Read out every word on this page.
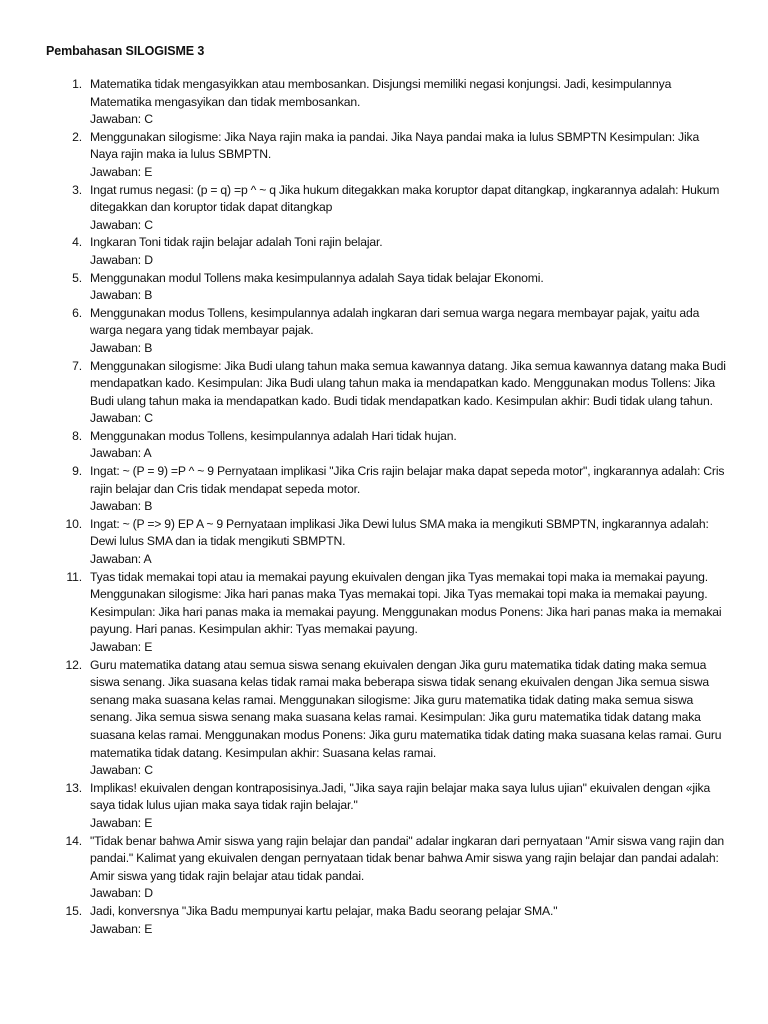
Pembahasan SILOGISME 3
1. Matematika tidak mengasyikkan atau membosankan. Disjungsi memiliki negasi konjungsi. Jadi, kesimpulannya Matematika mengasyikan dan tidak membosankan.
Jawaban: C
2. Menggunakan silogisme: Jika Naya rajin maka ia pandai. Jika Naya pandai maka ia lulus SBMPTN Kesimpulan: Jika Naya rajin maka ia lulus SBMPTN.
Jawaban: E
3. Ingat rumus negasi: (p = q) =p ^ ~ q Jika hukum ditegakkan maka koruptor dapat ditangkap, ingkarannya adalah: Hukum ditegakkan dan koruptor tidak dapat ditangkap
Jawaban: C
4. Ingkaran Toni tidak rajin belajar adalah Toni rajin belajar.
Jawaban: D
5. Menggunakan modul Tollens maka kesimpulannya adalah Saya tidak belajar Ekonomi.
Jawaban: B
6. Menggunakan modus Tollens, kesimpulannya adalah ingkaran dari semua warga negara membayar pajak, yaitu ada warga negara yang tidak membayar pajak.
Jawaban: B
7. Menggunakan silogisme: Jika Budi ulang tahun maka semua kawannya datang. Jika semua kawannya datang maka Budi mendapatkan kado. Kesimpulan: Jika Budi ulang tahun maka ia mendapatkan kado. Menggunakan modus Tollens: Jika Budi ulang tahun maka ia mendapatkan kado. Budi tidak mendapatkan kado. Kesimpulan akhir: Budi tidak ulang tahun.
Jawaban: C
8. Menggunakan modus Tollens, kesimpulannya adalah Hari tidak hujan.
Jawaban: A
9. Ingat: ~ (P = 9) =P ^ ~ 9 Pernyataan implikasi "Jika Cris rajin belajar maka dapat sepeda motor", ingkarannya adalah: Cris rajin belajar dan Cris tidak mendapat sepeda motor.
Jawaban: B
10. Ingat: ~ (P => 9) EP A ~ 9 Pernyataan implikasi Jika Dewi lulus SMA maka ia mengikuti SBMPTN, ingkarannya adalah: Dewi lulus SMA dan ia tidak mengikuti SBMPTN.
Jawaban: A
11. Tyas tidak memakai topi atau ia memakai payung ekuivalen dengan jika Tyas memakai topi maka ia memakai payung. Menggunakan silogisme: Jika hari panas maka Tyas memakai topi. Jika Tyas memakai topi maka ia memakai payung. Kesimpulan: Jika hari panas maka ia memakai payung. Menggunakan modus Ponens: Jika hari panas maka ia memakai payung. Hari panas. Kesimpulan akhir: Tyas memakai payung.
Jawaban: E
12. Guru matematika datang atau semua siswa senang ekuivalen dengan Jika guru matematika tidak dating maka semua siswa senang. Jika suasana kelas tidak ramai maka beberapa siswa tidak senang ekuivalen dengan Jika semua siswa senang maka suasana kelas ramai. Menggunakan silogisme: Jika guru matematika tidak dating maka semua siswa senang. Jika semua siswa senang maka suasana kelas ramai. Kesimpulan: Jika guru matematika tidak datang maka suasana kelas ramai. Menggunakan modus Ponens: Jika guru matematika tidak dating maka suasana kelas ramai. Guru matematika tidak datang. Kesimpulan akhir: Suasana kelas ramai.
Jawaban: C
13. Implikas! ekuivalen dengan kontraposisinya.Jadi, "Jika saya rajin belajar maka saya lulus ujian" ekuivalen dengan «jika saya tidak lulus ujian maka saya tidak rajin belajar."
Jawaban: E
14. "Tidak benar bahwa Amir siswa yang rajin belajar dan pandai" adalar ingkaran dari pernyataan "Amir siswa vang rajin dan pandai." Kalimat yang ekuivalen dengan pernyataan tidak benar bahwa Amir siswa yang rajin belajar dan pandai adalah: Amir siswa yang tidak rajin belajar atau tidak pandai.
Jawaban: D
15. Jadi, konversnya "Jika Badu mempunyai kartu pelajar, maka Badu seorang pelajar SMA."
Jawaban: E
